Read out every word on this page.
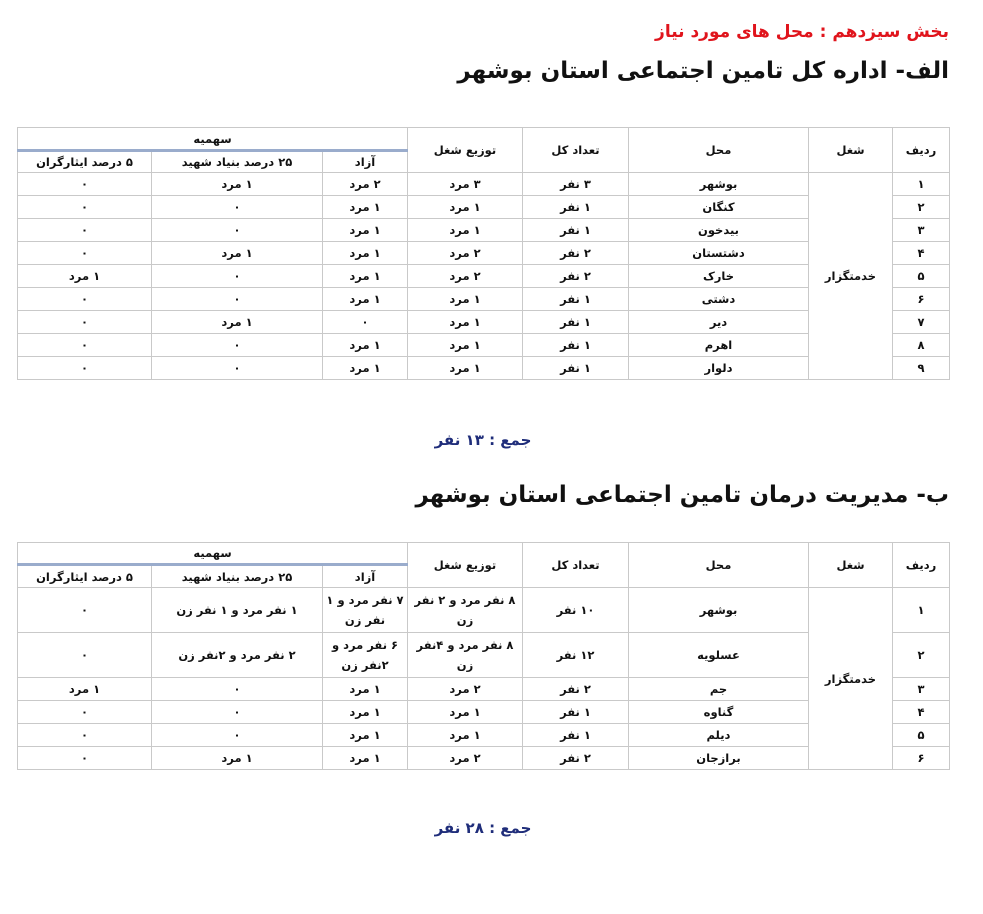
بخش سیزدهم : محل های مورد نیاز
الف- اداره کل تامین اجتماعی استان بوشهر
ردیف	شغل	محل	تعداد کل	توزیع شغل	سهمیه		
					آزاد	۲۵ درصد بنیاد شهید	۵ درصد ایثارگران
۱	خدمتگزار	بوشهر	۳ نفر	۳ مرد	۲ مرد	۱ مرد	۰
۲		کنگان	۱ نفر	۱ مرد	۱ مرد	۰	۰
۳		بیدخون	۱ نفر	۱ مرد	۱ مرد	۰	۰
۴		دشتستان	۲ نفر	۲ مرد	۱ مرد	۱ مرد	۰
۵		خارک	۲ نفر	۲ مرد	۱ مرد	۰	۱ مرد
۶		دشتی	۱ نفر	۱ مرد	۱ مرد	۰	۰
۷		دیر	۱ نفر	۱ مرد	۰	۱ مرد	۰
۸		اهرم	۱ نفر	۱ مرد	۱ مرد	۰	۰
۹		دلوار	۱ نفر	۱ مرد	۱ مرد	۰	۰
جمع : ۱۳ نفر
ب- مدیریت درمان تامین اجتماعی استان بوشهر
ردیف	شغل	محل	تعداد کل	توزیع شغل	سهمیه		
					آزاد	۲۵ درصد بنیاد شهید	۵ درصد ایثارگران
۱	خدمتگزار	بوشهر	۱۰ نفر	۸ نفر مرد و ۲ نفر زن	۷ نفر مرد و ۱ نفر زن	۱ نفر مرد و ۱ نفر زن	۰
۲		عسلویه	۱۲ نفر	۸ نفر مرد و ۴نفر زن	۶ نفر مرد و ۲نفر زن	۲ نفر مرد و ۲نفر زن	۰
۳		جم	۲ نفر	۲ مرد	۱ مرد	۰	۱ مرد
۴		گناوه	۱ نفر	۱ مرد	۱ مرد	۰	۰
۵		دیلم	۱ نفر	۱ مرد	۱ مرد	۰	۰
۶		برازجان	۲ نفر	۲ مرد	۱ مرد	۱ مرد	۰
جمع : ۲۸ نفر
